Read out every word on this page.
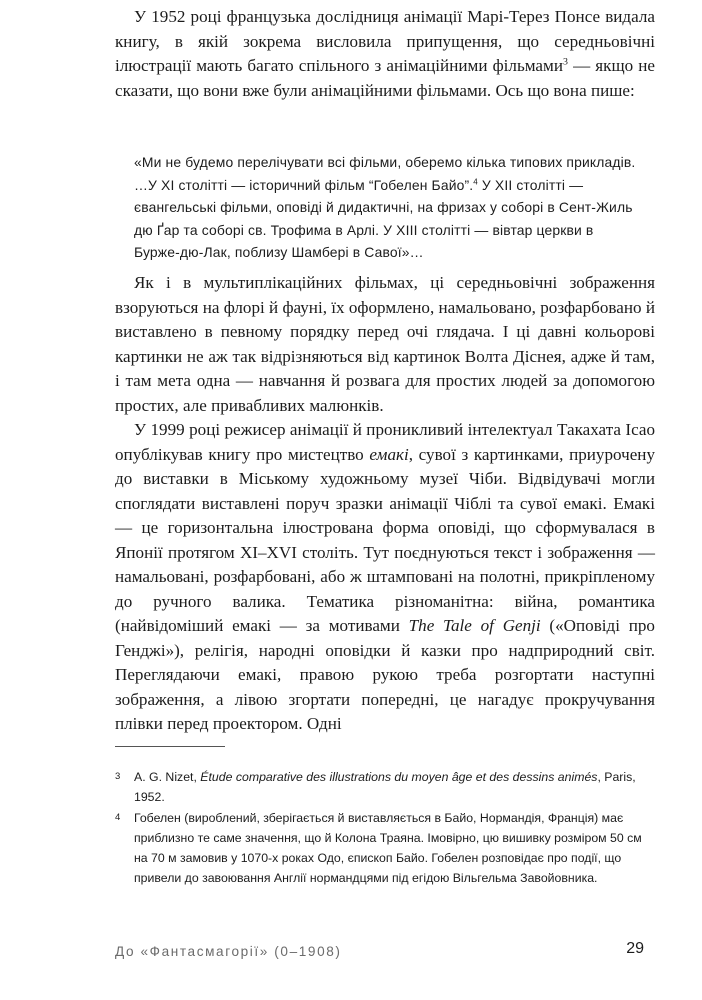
У 1952 році французька дослідниця анімації Марі-Терез Понсе видала книгу, в якій зокрема висловила припущення, що середньовічні ілюстрації мають багато спільного з анімаційними фільмами$^3$ — якщо не сказати, що вони вже були анімаційними фільмами. Ось що вона пише:

«Ми не будемо перелічувати всі фільми, оберемо кілька типових прикладів. …У XI столітті — історичний фільм “Гобелен Байо”.$^4$ У XII столітті — євангельські фільми, оповіді й дидактичні, на фризах у соборі в Сент-Жиль дю Ґар та соборі св. Трофима в Арлі. У XIII столітті — вівтар церкви в Бурже-дю-Лак, поблизу Шамбері в Савої»…

Як і в мультиплікаційних фільмах, ці середньовічні зображення взоруються на флорі й фауні, їх оформлено, намальовано, розфарбовано й виставлено в певному порядку перед очі глядача. І ці давні кольорові картинки не аж так відрізняються від картинок Волта Діснея, адже й там, і там мета одна — навчання й розвага для простих людей за допомогою простих, але привабливих малюнків.

У 1999 році режисер анімації й проникливий інтелектуал Такахата Ісао опублікував книгу про мистецтво емакі, сувої з картинками, приурочену до виставки в Міському художньому музеї Чіби. Відвідувачі могли споглядати виставлені поруч зразки анімації Чіблі та сувої емакі. Емакі — це горизонтальна ілюстрована форма оповіді, що сформувалася в Японії протягом XI–XVI століть. Тут поєднуються текст і зображення — намальовані, розфарбовані, або ж штамповані на полотні, прикріпленому до ручного валика. Тематика різноманітна: війна, романтика (найвідоміший емакі — за мотивами The Tale of Genji («Оповіді про Генджі»), релігія, народні оповідки й казки про надприродний світ. Переглядаючи емакі, правою рукою треба розгортати наступні зображення, а лівою згортати попередні, це нагадує прокручування плівки перед проектором. Одні

3 A. G. Nizet, Étude comparative des illustrations du moyen âge et des dessins animés, Paris, 1952.
4 Гобелен (вироблений, зберігається й виставляється в Байо, Нормандія, Франція) має приблизно те саме значення, що й Колона Траяна. Імовірно, цю вишивку розміром 50 см на 70 м замовив у 1070-х роках Одо, єпископ Байо. Гобелен розповідає про події, що привели до завоювання Англії нормандцями під егідою Вільгельма Завойовника.
До «Фантасмагорії» (0–1908)	29
